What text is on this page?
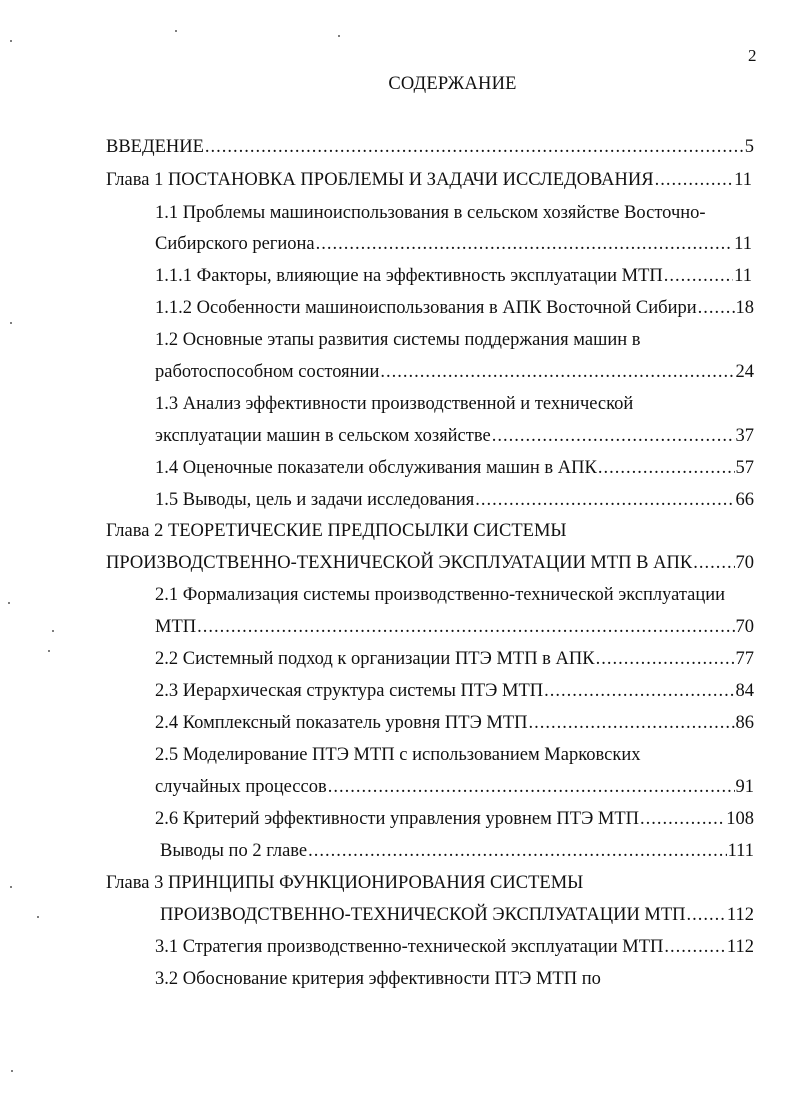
2
СОДЕРЖАНИЕ
ВВЕДЕНИЕ .....	5
Глава 1 ПОСТАНОВКА ПРОБЛЕМЫ И ЗАДАЧИ ИССЛЕДОВАНИЯ .....	11
1.1 Проблемы машиноиспользования в сельском хозяйстве Восточно-
Сибирского региона .....	11
1.1.1 Факторы, влияющие на эффективность эксплуатации МТП .....	11
1.1.2 Особенности машиноиспользования в АПК Восточной Сибири ..... 18
1.2 Основные этапы развития системы поддержания машин в
работоспособном состоянии .....	24
1.3 Анализ эффективности производственной и технической
эксплуатации машин в сельском хозяйстве .....	37
1.4 Оценочные показатели обслуживания машин в АПК .....	57
1.5 Выводы, цель и задачи исследования .....	66
Глава 2 ТЕОРЕТИЧЕСКИЕ ПРЕДПОСЫЛКИ СИСТЕМЫ
ПРОИЗВОДСТВЕННО-ТЕХНИЧЕСКОЙ ЭКСПЛУАТАЦИИ МТП В АПК ..... 70
2.1 Формализация системы производственно-технической эксплуатации
МТП .....	70
2.2 Системный подход к организации ПТЭ МТП в АПК .....	77
2.3 Иерархическая структура системы ПТЭ МТП .....	84
2.4 Комплексный показатель уровня ПТЭ МТП .....	86
2.5 Моделирование ПТЭ МТП с использованием Марковских
случайных процессов .....	91
2.6 Критерий эффективности управления уровнем ПТЭ МТП .....	108
Выводы по 2 главе .....	111
Глава 3 ПРИНЦИПЫ ФУНКЦИОНИРОВАНИЯ СИСТЕМЫ
ПРОИЗВОДСТВЕННО-ТЕХНИЧЕСКОЙ ЭКСПЛУАТАЦИИ МТП ..... 112
3.1 Стратегия производственно-технической эксплуатации МТП .....	112
3.2 Обоснование критерия эффективности ПТЭ МТП по
